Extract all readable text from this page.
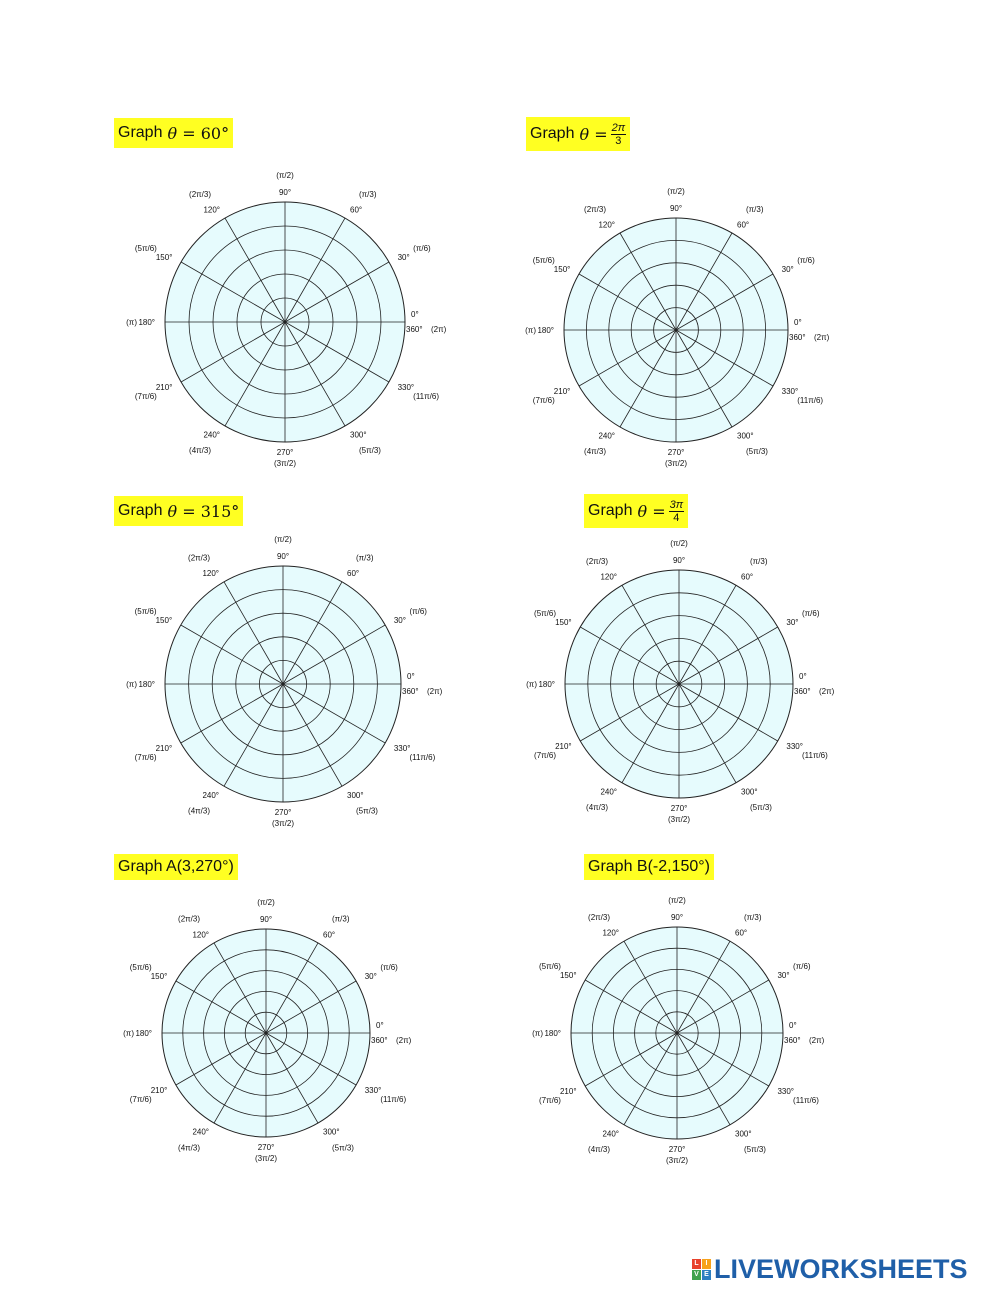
Graph θ = 60°	Graph $\theta = \frac{2\pi}{3}$
Graph θ = 315°	Graph $\theta = \frac{3\pi}{4}$
Graph A(3,270°)	Graph B(-2,150°)
0°
(2π)
360°
30°
(π/6)
60°
(π/3)
90°
(π/2)
120°
(2π/3)
150°
(5π/6)
180°
(π)
210°
(7π/6)
240°
(4π/3)	270°
(3π/2)
300°
(5π/3)
330°
(11π/6)
0°
(2π)
360°
30°
(π/6)
60°
(π/3)
90°
(π/2)
120°
(2π/3)
150°
(5π/6)
180°
(π)
210°
(7π/6)
240°
(4π/3)	270°
(3π/2)
300°
(5π/3)
330°
(11π/6)
0°
(2π)
360°
30°
(π/6)
60°
(π/3)
90°
(π/2)
120°
(2π/3)
150°
(5π/6)
180°
(π)
210°
(7π/6)
240°
(4π/3)	270°
(3π/2)
300°
(5π/3)
330°
(11π/6)
0°
(2π)
360°
30°
(π/6)
60°
(π/3)
90°
(π/2)
120°
(2π/3)
150°
(5π/6)
180°
(π)
210°
(7π/6)
240°
(4π/3)	270°
(3π/2)
300°
(5π/3)
330°
(11π/6)
0°
(2π)
360°
30°
(π/6)
60°
(π/3)
90°
(π/2)
120°
(2π/3)
150°
(5π/6)
180°
(π)
210°
(7π/6)
240°
(4π/3)	270°
(3π/2)
300°
(5π/3)
330°
(11π/6)
0°
(2π)
360°
30°
(π/6)
60°
(π/3)
90°
(π/2)
120°
(2π/3)
150°
(5π/6)
180°
(π)
210°
(7π/6)
240°
(4π/3)	270°
(3π/2)
300°
(5π/3)
330°
(11π/6)
L I
V E LIVEWORKSHEETS
